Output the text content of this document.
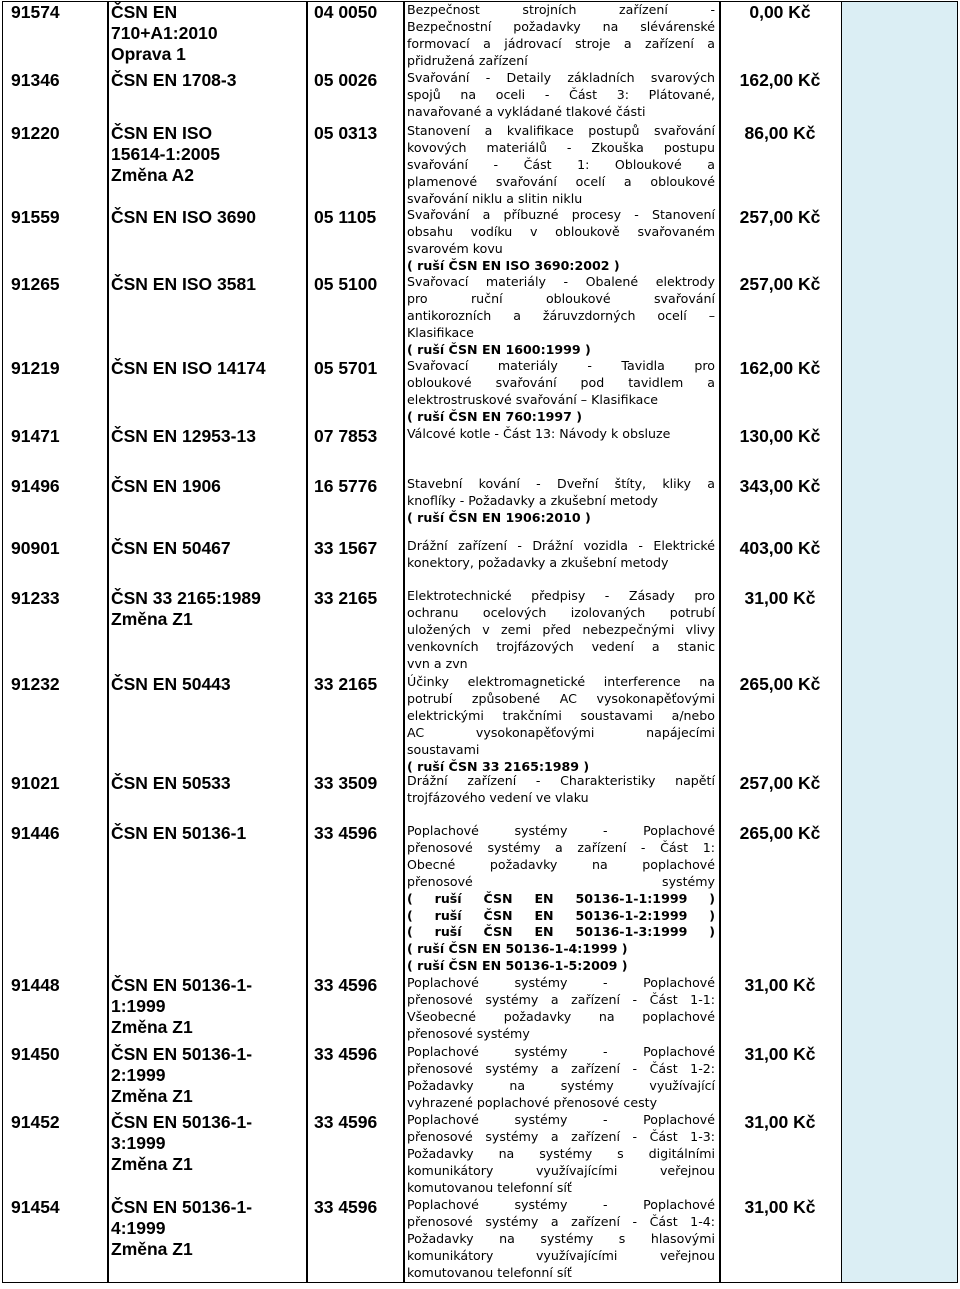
91574	ČSN EN
710+A1:2010
Oprava 1
04 0050	Bezpečnost strojních zařízení -
Bezpečnostní požadavky na slévárenské
formovací a jádrovací stroje a zařízení a
přidružená zařízení
0,00 Kč
91346	ČSN EN 1708-3	05 0026	Svařování - Detaily základních svarových
spojů na oceli - Část 3: Plátované,
navařované a vykládané tlakové části
162,00 Kč
91220	ČSN EN ISO
15614-1:2005
Změna A2
05 0313	Stanovení a kvalifikace postupů svařování
kovových materiálů - Zkouška postupu
svařování - Část 1: Obloukové a
plamenové svařování ocelí a obloukové
svařování niklu a slitin niklu
86,00 Kč
91559	ČSN EN ISO 3690	05 1105	Svařování a příbuzné procesy - Stanovení
obsahu vodíku v obloukově svařovaném
svarovém kovu
( ruší ČSN EN ISO 3690:2002 )
257,00 Kč
91265	ČSN EN ISO 3581	05 5100	Svařovací materiály - Obalené elektrody
pro ruční obloukové svařování
antikorozních a žáruvzdorných ocelí –
Klasifikace
( ruší ČSN EN 1600:1999 )
257,00 Kč
91219	ČSN EN ISO 14174	05 5701	Svařovací materiály - Tavidla pro
obloukové svařování pod tavidlem a
elektrostruskové svařování – Klasifikace
( ruší ČSN EN 760:1997 )
162,00 Kč
91471	ČSN EN 12953-13	07 7853	Válcové kotle - Část 13: Návody k obsluze	130,00 Kč
91496	ČSN EN 1906	16 5776	Stavební kování - Dveřní štíty, kliky a
knoflíky - Požadavky a zkušební metody
( ruší ČSN EN 1906:2010 )
343,00 Kč
90901	ČSN EN 50467	33 1567	Drážní zařízení - Drážní vozidla - Elektrické
konektory, požadavky a zkušební metody
403,00 Kč
91233	ČSN 33 2165:1989
Změna Z1
33 2165	Elektrotechnické předpisy - Zásady pro
ochranu ocelových izolovaných potrubí
uložených v zemi před nebezpečnými vlivy
venkovních trojfázových vedení a stanic
vvn a zvn
31,00 Kč
91232	ČSN EN 50443	33 2165	Účinky elektromagnetické interference na
potrubí způsobené AC vysokonapěťovými
elektrickými trakčními soustavami a/nebo
AC vysokonapěťovými napájecími
soustavami
( ruší ČSN 33 2165:1989 )
265,00 Kč
91021	ČSN EN 50533	33 3509	Drážní zařízení - Charakteristiky napětí
trojfázového vedení ve vlaku
257,00 Kč
91446	ČSN EN 50136-1	33 4596	Poplachové systémy - Poplachové
přenosové systémy a zařízení - Část 1:
Obecné požadavky na poplachové
přenosové systémy
( ruší ČSN EN 50136-1-1:1999 )
( ruší ČSN EN 50136-1-2:1999 )
( ruší ČSN EN 50136-1-3:1999 )
( ruší ČSN EN 50136-1-4:1999 )
( ruší ČSN EN 50136-1-5:2009 )
265,00 Kč
91448	ČSN EN 50136-1-
1:1999
Změna Z1
33 4596	Poplachové systémy - Poplachové
přenosové systémy a zařízení - Část 1-1:
Všeobecné požadavky na poplachové
přenosové systémy
31,00 Kč
91450	ČSN EN 50136-1-
2:1999
Změna Z1
33 4596	Poplachové systémy - Poplachové
přenosové systémy a zařízení - Část 1-2:
Požadavky na systémy využívající
vyhrazené poplachové přenosové cesty
31,00 Kč
91452	ČSN EN 50136-1-
3:1999
Změna Z1
33 4596	Poplachové systémy - Poplachové
přenosové systémy a zařízení - Část 1-3:
Požadavky na systémy s digitálními
komunikátory využívajícími veřejnou
komutovanou telefonní síť
31,00 Kč
91454	ČSN EN 50136-1-
4:1999
Změna Z1
33 4596	Poplachové systémy - Poplachové
přenosové systémy a zařízení - Část 1-4:
Požadavky na systémy s hlasovými
komunikátory využívajícími veřejnou
komutovanou telefonní síť
31,00 Kč
